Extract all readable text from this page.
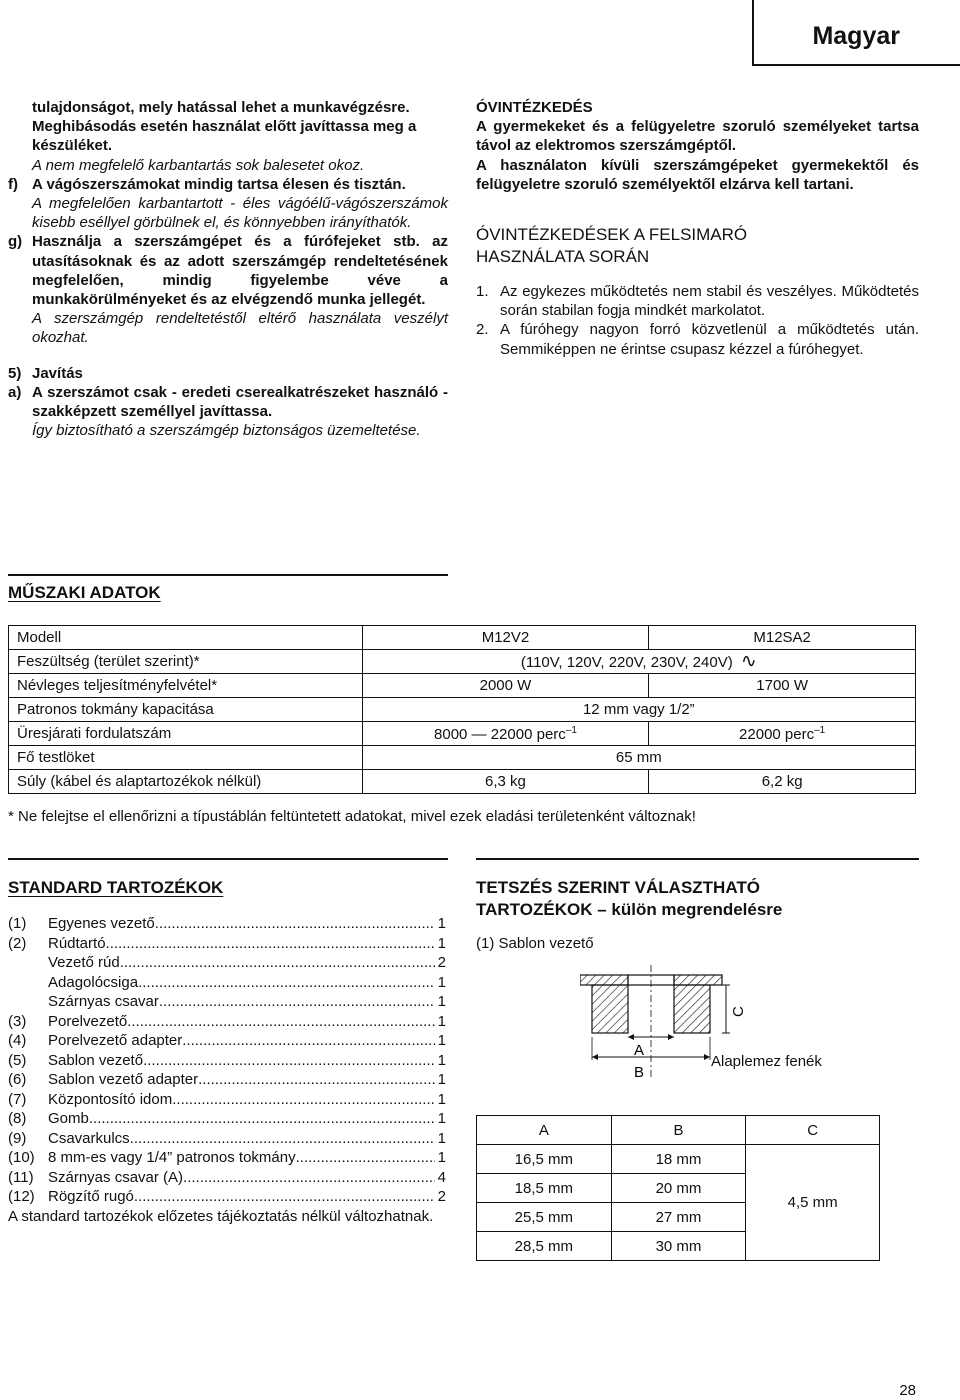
Magyar

tulajdonságot, mely hatással lehet a munkavégzésre.

Meghibásodás esetén használat előtt javíttassa meg a készüléket.

A nem megfelelő karbantartás sok balesetet okoz.

f) A vágószerszámokat mindig tartsa élesen és tisztán.

A megfelelően karbantartott - éles vágóélű-vágószerszámok kisebb eséllyel görbülnek el, és könnyebben irányíthatók.

g) Használja a szerszámgépet és a fúrófejeket stb. az utasításoknak és az adott szerszámgép rendeltetésének megfelelően, mindig figyelembe véve a munkakörülményeket és az elvégzendő munka jellegét.

A szerszámgép rendeltetéstől eltérő használata veszélyt okozhat.

5) Javítás

a) A szerszámot csak - eredeti cserealkatrészeket használó - szakképzett személlyel javíttassa.

Így biztosítható a szerszámgép biztonságos üzemeltetése.

ÓVINTÉZKEDÉS

A gyermekeket és a felügyeletre szoruló személyeket tartsa távol az elektromos szerszámgéptől.

A használaton kívüli szerszámgépeket gyermekektől és felügyeletre szoruló személyektől elzárva kell tartani.

ÓVINTÉZKEDÉSEK A FELSIMARÓ

HASZNÁLATA SORÁN

1. Az egykezes működtetés nem stabil és veszélyes. Működtetés során stabilan fogja mindkét markolatot.

2. A fúróhegy nagyon forró közvetlenül a működtetés után. Semmiképpen ne érintse csupasz kézzel a fúróhegyet.

MŰSZAKI ADATOK
Modell	M12V2	M12SA2
Feszültség (terület szerint)*	(110V, 120V, 220V, 230V, 240V) ∿	
Névleges teljesítményfelvétel*	2000 W	1700 W
Patronos tokmány kapacitása	12 mm vagy 1/2”	
Üresjárati fordulatszám	8000 — 22000 perc$^{-1}$	22000 perc$^{-1}$
Fő testlöket	65 mm	
Súly (kábel és alaptartozékok nélkül)	6,3 kg	6,2 kg
* Ne felejtse el ellenőrizni a típustáblán feltüntetett adatokat, mivel ezek eladási területenként változnak!
STANDARD TARTOZÉKOK
(1)	Egyenes vezető .....	1
(2)	Rúdtartó .....	1
Vezető rúd .....	2
Adagolócsiga .....	1
Szárnyas csavar .....	1
(3)	Porelvezető .....	1
(4)	Porelvezető adapter .....	1
(5)	Sablon vezető .....	1
(6)	Sablon vezető adapter .....	1
(7)	Központosító idom .....	1
(8)	Gomb .....	1
(9)	Csavarkulcs .....	1
(10) 8 mm-es vagy 1/4” patronos tokmány .....	1
(11) Szárnyas csavar (A) .....	4
(12) Rögzítő rugó .....	2

A standard tartozékok előzetes tájékoztatás nélkül változhatnak.

TETSZÉS SZERINT VÁLASZTHATÓ
TARTOZÉKOK – külön megrendelésre
(1) Sablon vezető
A
B
C
Alaplemez fenék
A	B	C
16,5 mm	18 mm	4,5 mm
18,5 mm	20 mm	
25,5 mm	27 mm	
28,5 mm	30 mm	
28
